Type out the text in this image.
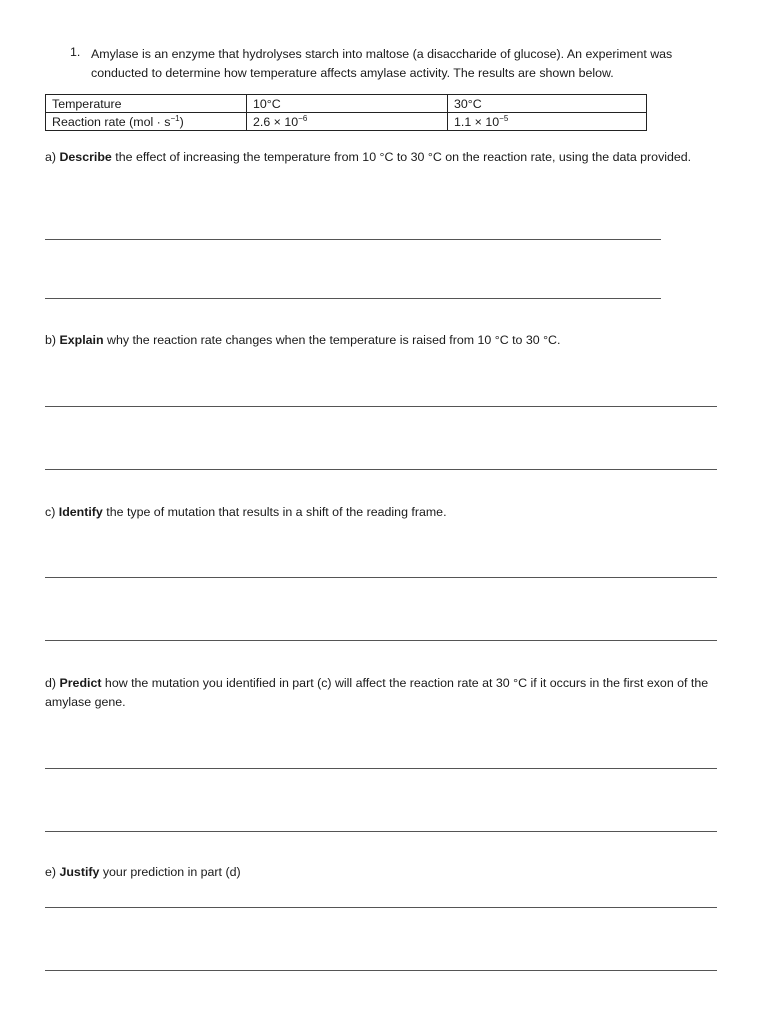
1. Amylase is an enzyme that hydrolyses starch into maltose (a disaccharide of glucose). An experiment was conducted to determine how temperature affects amylase activity. The results are shown below.
Temperature	10°C	30°C
Reaction rate $(mol \cdot s^{-1})$	$2.6 \times 10^{-6}$	$1.1 \times 10^{-5}$
a) Describe the effect of increasing the temperature from 10 °C to 30 °C on the reaction rate, using the data provided.
b) Explain why the reaction rate changes when the temperature is raised from 10 °C to 30 °C.
c) Identify the type of mutation that results in a shift of the reading frame.
d) Predict how the mutation you identified in part (c) will affect the reaction rate at 30 °C if it occurs in the first exon of the amylase gene.
e) Justify your prediction in part (d)
